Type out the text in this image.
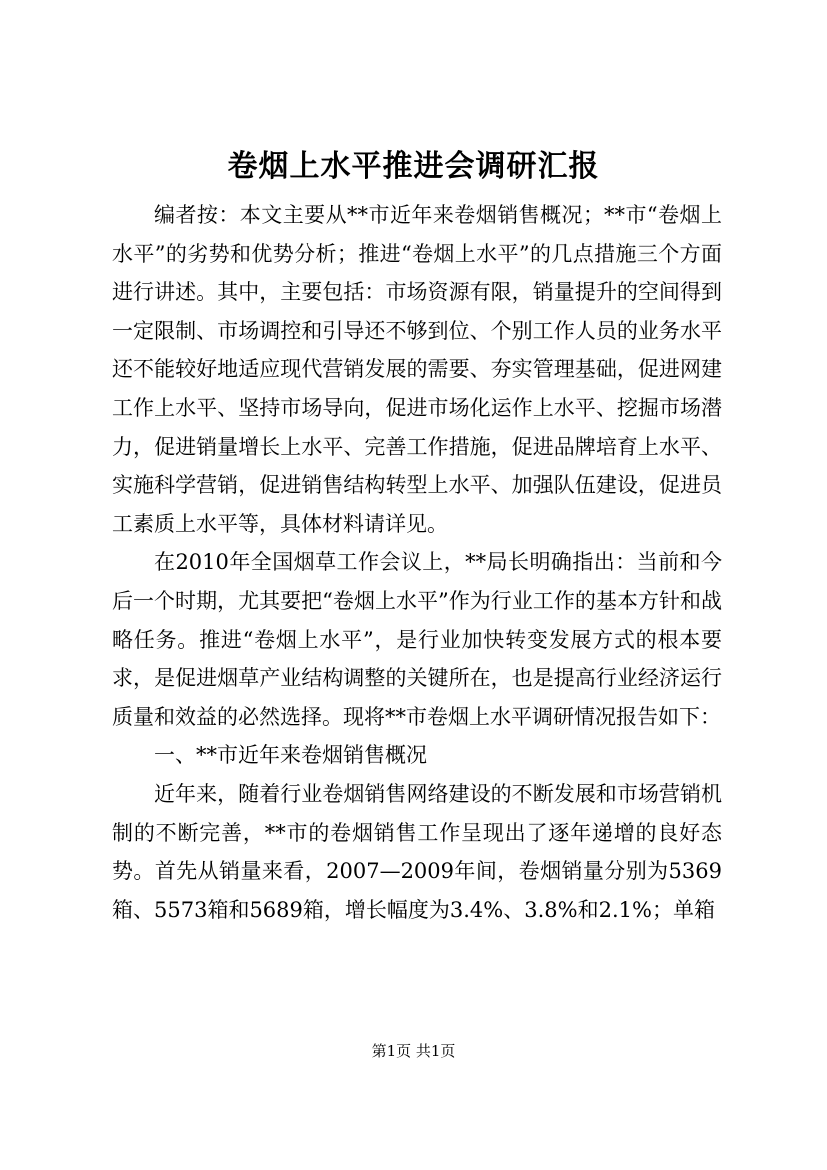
卷烟上水平推进会调研汇报

编者按：本文主要从**市近年来卷烟销售概况；**市“卷烟上水平”的劣势和优势分析；推进“卷烟上水平”的几点措施三个方面进行讲述。其中，主要包括：市场资源有限，销量提升的空间得到一定限制、市场调控和引导还不够到位、个别工作人员的业务水平还不能较好地适应现代营销发展的需要、夯实管理基础，促进网建工作上水平、坚持市场导向，促进市场化运作上水平、挖掘市场潜力，促进销量增长上水平、完善工作措施，促进品牌培育上水平、实施科学营销，促进销售结构转型上水平、加强队伍建设，促进员工素质上水平等，具体材料请详见。

在2010年全国烟草工作会议上，**局长明确指出：当前和今后一个时期，尤其要把“卷烟上水平”作为行业工作的基本方针和战略任务。推进“卷烟上水平”，是行业加快转变发展方式的根本要求，是促进烟草产业结构调整的关键所在，也是提高行业经济运行质量和效益的必然选择。现将**市卷烟上水平调研情况报告如下：

一、**市近年来卷烟销售概况

近年来，随着行业卷烟销售网络建设的不断发展和市场营销机制的不断完善，**市的卷烟销售工作呈现出了逐年递增的良好态势。首先从销量来看，2007—2009年间，卷烟销量分别为5369箱、5573箱和5689箱，增长幅度为3.4%、3.8%和2.1%；单箱

第1页 共1页
